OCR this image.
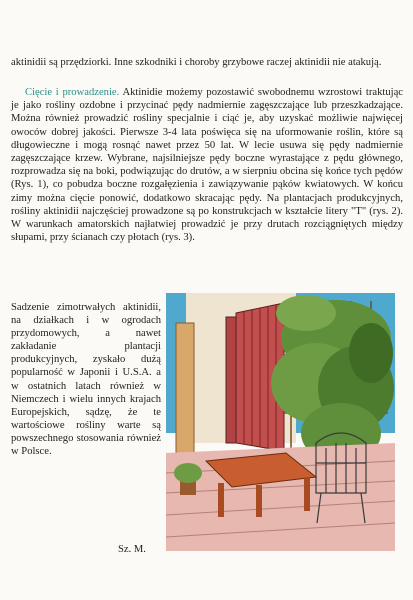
aktinidii są przędziorki. Inne szkodniki i choroby grzybowe raczej aktinidii nie atakują.

Cięcie i prowadzenie. Aktinidie możemy pozostawić swobodnemu wzrostowi traktując je jako rośliny ozdobne i przycinać pędy nadmiernie zagęszczające lub przeszkadzające. Można również prowadzić rośliny specjalnie i ciąć je, aby uzyskać możliwie najwięcej owoców dobrej jakości. Pierwsze 3-4 lata poświęca się na uformowanie roślin, które są długowieczne i mogą rosnąć nawet przez 50 lat. W lecie usuwa się pędy nadmiernie zagęszczające krzew. Wybrane, najsilniejsze pędy boczne wyrastające z pędu głównego, rozprowadza się na boki, podwiązując do drutów, a w sierpniu obcina się końce tych pędów (Rys. 1), co pobudza boczne rozgałęzienia i zawiązywanie pąków kwiatowych. W końcu zimy można cięcie ponowić, dodatkowo skracając pędy. Na plantacjach produkcyjnych, rośliny aktinidii najczęściej prowadzone są po konstrukcjach w kształcie litery "T" (rys. 2). W warunkach amatorskich najłatwiej prowadzić je przy drutach rozciągniętych między słupami, przy ścianach czy płotach (rys. 3).

Sadzenie zimotrwałych aktinidii, na działkach i w ogrodach przydomowych, a nawet zakładanie plantacji produkcyjnych, zyskało dużą popularność w Japonii i U.S.A. a w ostatnich latach również w Niemczech i wielu innych krajach Europejskich, sądzę, że te wartościowe rośliny warte są powszechnego stosowania również w Polsce.

Sz. M.
